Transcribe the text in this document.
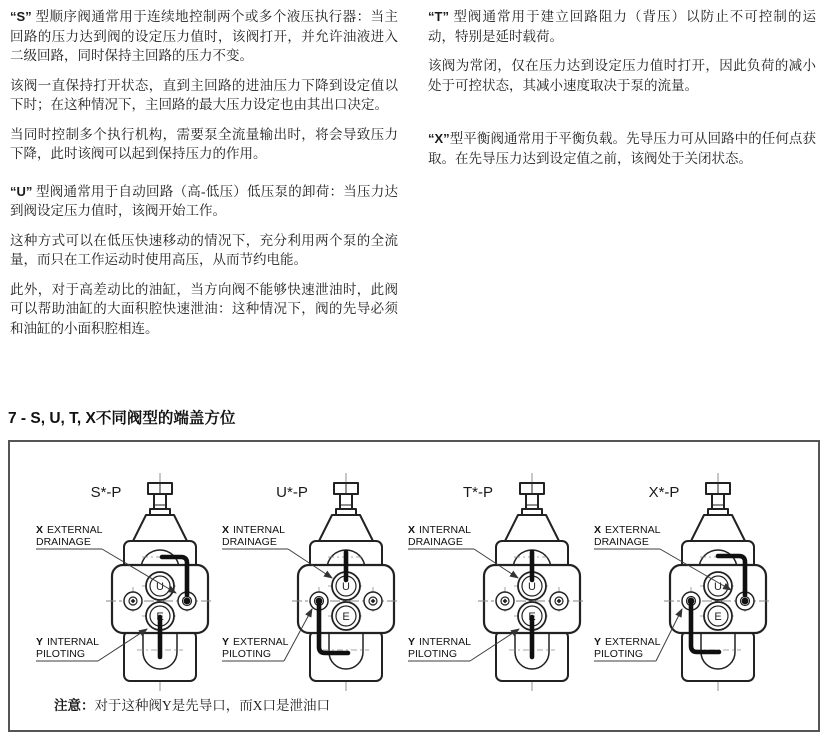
“S” 型顺序阀通常用于连续地控制两个或多个液压执行器：当主回路的压力达到阀的设定压力值时，该阀打开，并允许油液进入二级回路，同时保持主回路的压力不变。

该阀一直保持打开状态，直到主回路的进油压力下降到设定值以下时；在这种情况下，主回路的最大压力设定也由其出口决定。

当同时控制多个执行机构，需要泵全流量输出时，将会导致压力下降，此时该阀可以起到保持压力的作用。

“U” 型阀通常用于自动回路（高-低压）低压泵的卸荷：当压力达到阀设定压力值时，该阀开始工作。

这种方式可以在低压快速移动的情况下，充分利用两个泵的全流量，而只在工作运动时使用高压，从而节约电能。

此外，对于高差动比的油缸，当方向阀不能够快速泄油时，此阀可以帮助油缸的大面积腔快速泄油：这种情况下，阀的先导必须和油缸的小面积腔相连。

“T” 型阀通常用于建立回路阻力（背压）以防止不可控制的运动，特别是延时载荷。

该阀为常闭，仅在压力达到设定压力值时打开，因此负荷的减小处于可控状态，其减小速度取决于泵的流量。

“X”型平衡阀通常用于平衡负载。先导压力可从回路中的任何点获取。在先导压力达到设定值之前，该阀处于关闭状态。

7 - S, U, T, X不同阀型的端盖方位
U
E
S*-P
X EXTERNAL
DRAINAGE
Y INTERNAL
PILOTING
U
E
U*-P
X INTERNAL
DRAINAGE
Y EXTERNAL
PILOTING
U
E
T*-P
X INTERNAL
DRAINAGE
Y INTERNAL
PILOTING
U
E
X*-P
X EXTERNAL
DRAINAGE
Y EXTERNAL
PILOTING
注意：对于这种阀Y是先导口，而X口是泄油口
